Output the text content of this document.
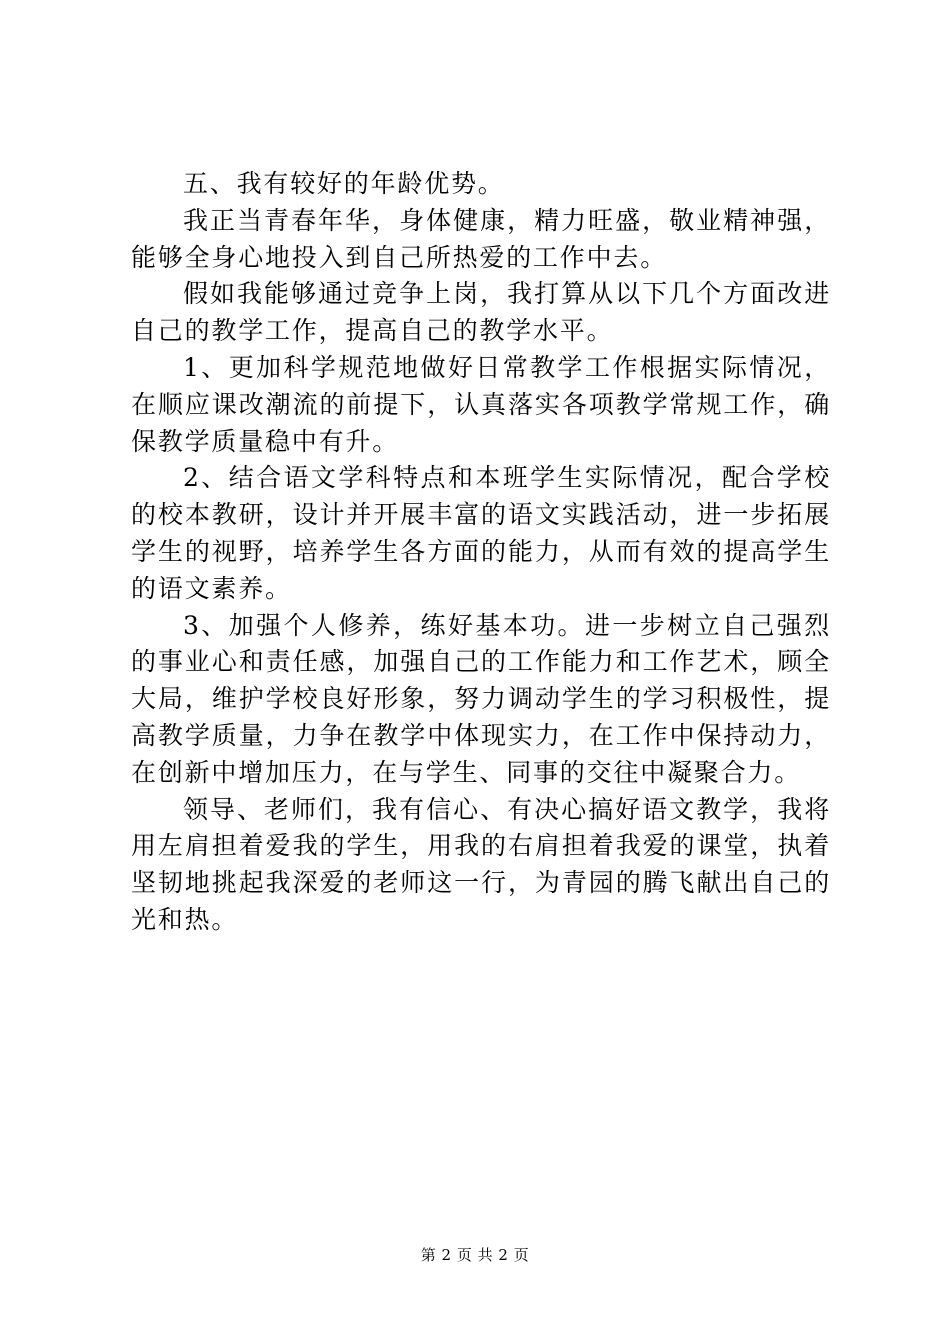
五、我有较好的年龄优势。

我正当青春年华，身体健康，精力旺盛，敬业精神强，能够全身心地投入到自己所热爱的工作中去。

假如我能够通过竞争上岗，我打算从以下几个方面改进自己的教学工作，提高自己的教学水平。

1、更加科学规范地做好日常教学工作根据实际情况，在顺应课改潮流的前提下，认真落实各项教学常规工作，确保教学质量稳中有升。

2、结合语文学科特点和本班学生实际情况，配合学校的校本教研，设计并开展丰富的语文实践活动，进一步拓展学生的视野，培养学生各方面的能力，从而有效的提高学生的语文素养。

3、加强个人修养，练好基本功。进一步树立自己强烈的事业心和责任感，加强自己的工作能力和工作艺术，顾全大局，维护学校良好形象，努力调动学生的学习积极性，提高教学质量，力争在教学中体现实力，在工作中保持动力，在创新中增加压力，在与学生、同事的交往中凝聚合力。

领导、老师们，我有信心、有决心搞好语文教学，我将用左肩担着爱我的学生，用我的右肩担着我爱的课堂，执着坚韧地挑起我深爱的老师这一行，为青园的腾飞献出自己的光和热。

第 2 页 共 2 页
